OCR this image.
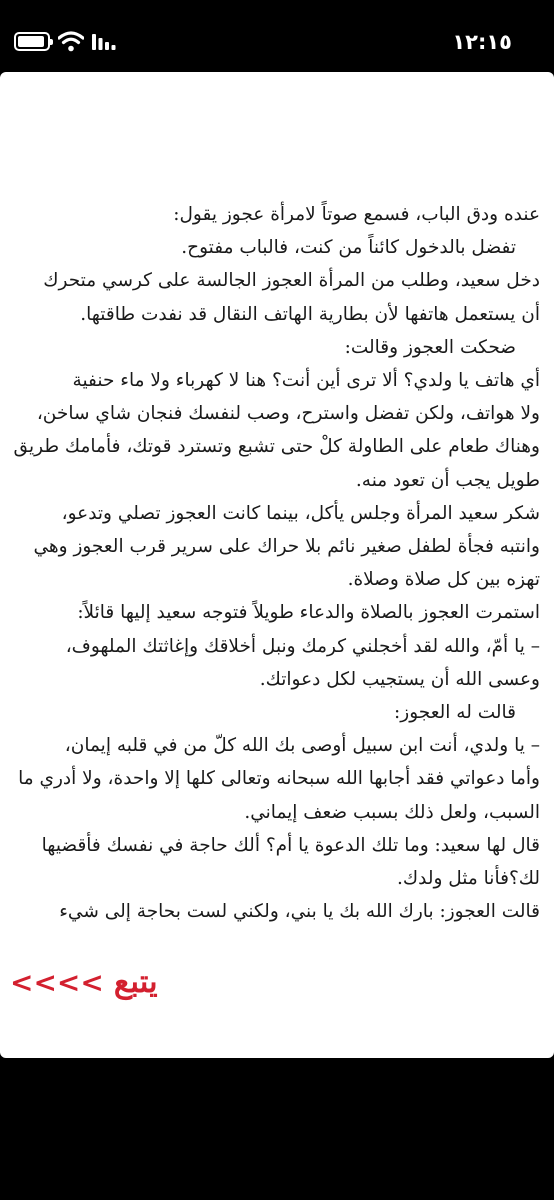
١٢:١٥

عنده ودق الباب، فسمع صوتاً لامرأة عجوز يقول:

تفضل بالدخول كائناً من كنت، فالباب مفتوح.

دخل سعيد، وطلب من المرأة العجوز الجالسة على كرسي متحرك

أن يستعمل هاتفها لأن بطارية الهاتف النقال قد نفدت طاقتها.

ضحكت العجوز وقالت:

أي هاتف يا ولدي؟ ألا ترى أين أنت؟ هنا لا كهرباء ولا ماء حنفية

ولا هواتف، ولكن تفضل واسترح، وصب لنفسك فنجان شاي ساخن،

وهناك طعام على الطاولة كلْ حتى تشبع وتسترد قوتك، فأمامك طريق

طويل يجب أن تعود منه.

شكر سعيد المرأة وجلس يأكل، بينما كانت العجوز تصلي وتدعو،

وانتبه فجأة لطفل صغير نائم بلا حراك على سرير قرب العجوز وهي

تهزه بين كل صلاة وصلاة.

استمرت العجوز بالصلاة والدعاء طويلاً فتوجه سعيد إليها قائلاً:

– يا أمّ، والله لقد أخجلني كرمك ونبل أخلاقك وإغاثتك الملهوف،

وعسى الله أن يستجيب لكل دعواتك.

قالت له العجوز:

– يا ولدي، أنت ابن سبيل أوصى بك الله كلّ من في قلبه إيمان،

وأما دعواتي فقد أجابها الله سبحانه وتعالى كلها إلا واحدة، ولا أدري ما

السبب، ولعل ذلك بسبب ضعف إيماني.

قال لها سعيد: وما تلك الدعوة يا أم؟ ألك حاجة في نفسك فأقضيها

لك؟فأنا مثل ولدك.

قالت العجوز: بارك الله بك يا بني، ولكني لست بحاجة إلى شيء

يتبع
<<<<
